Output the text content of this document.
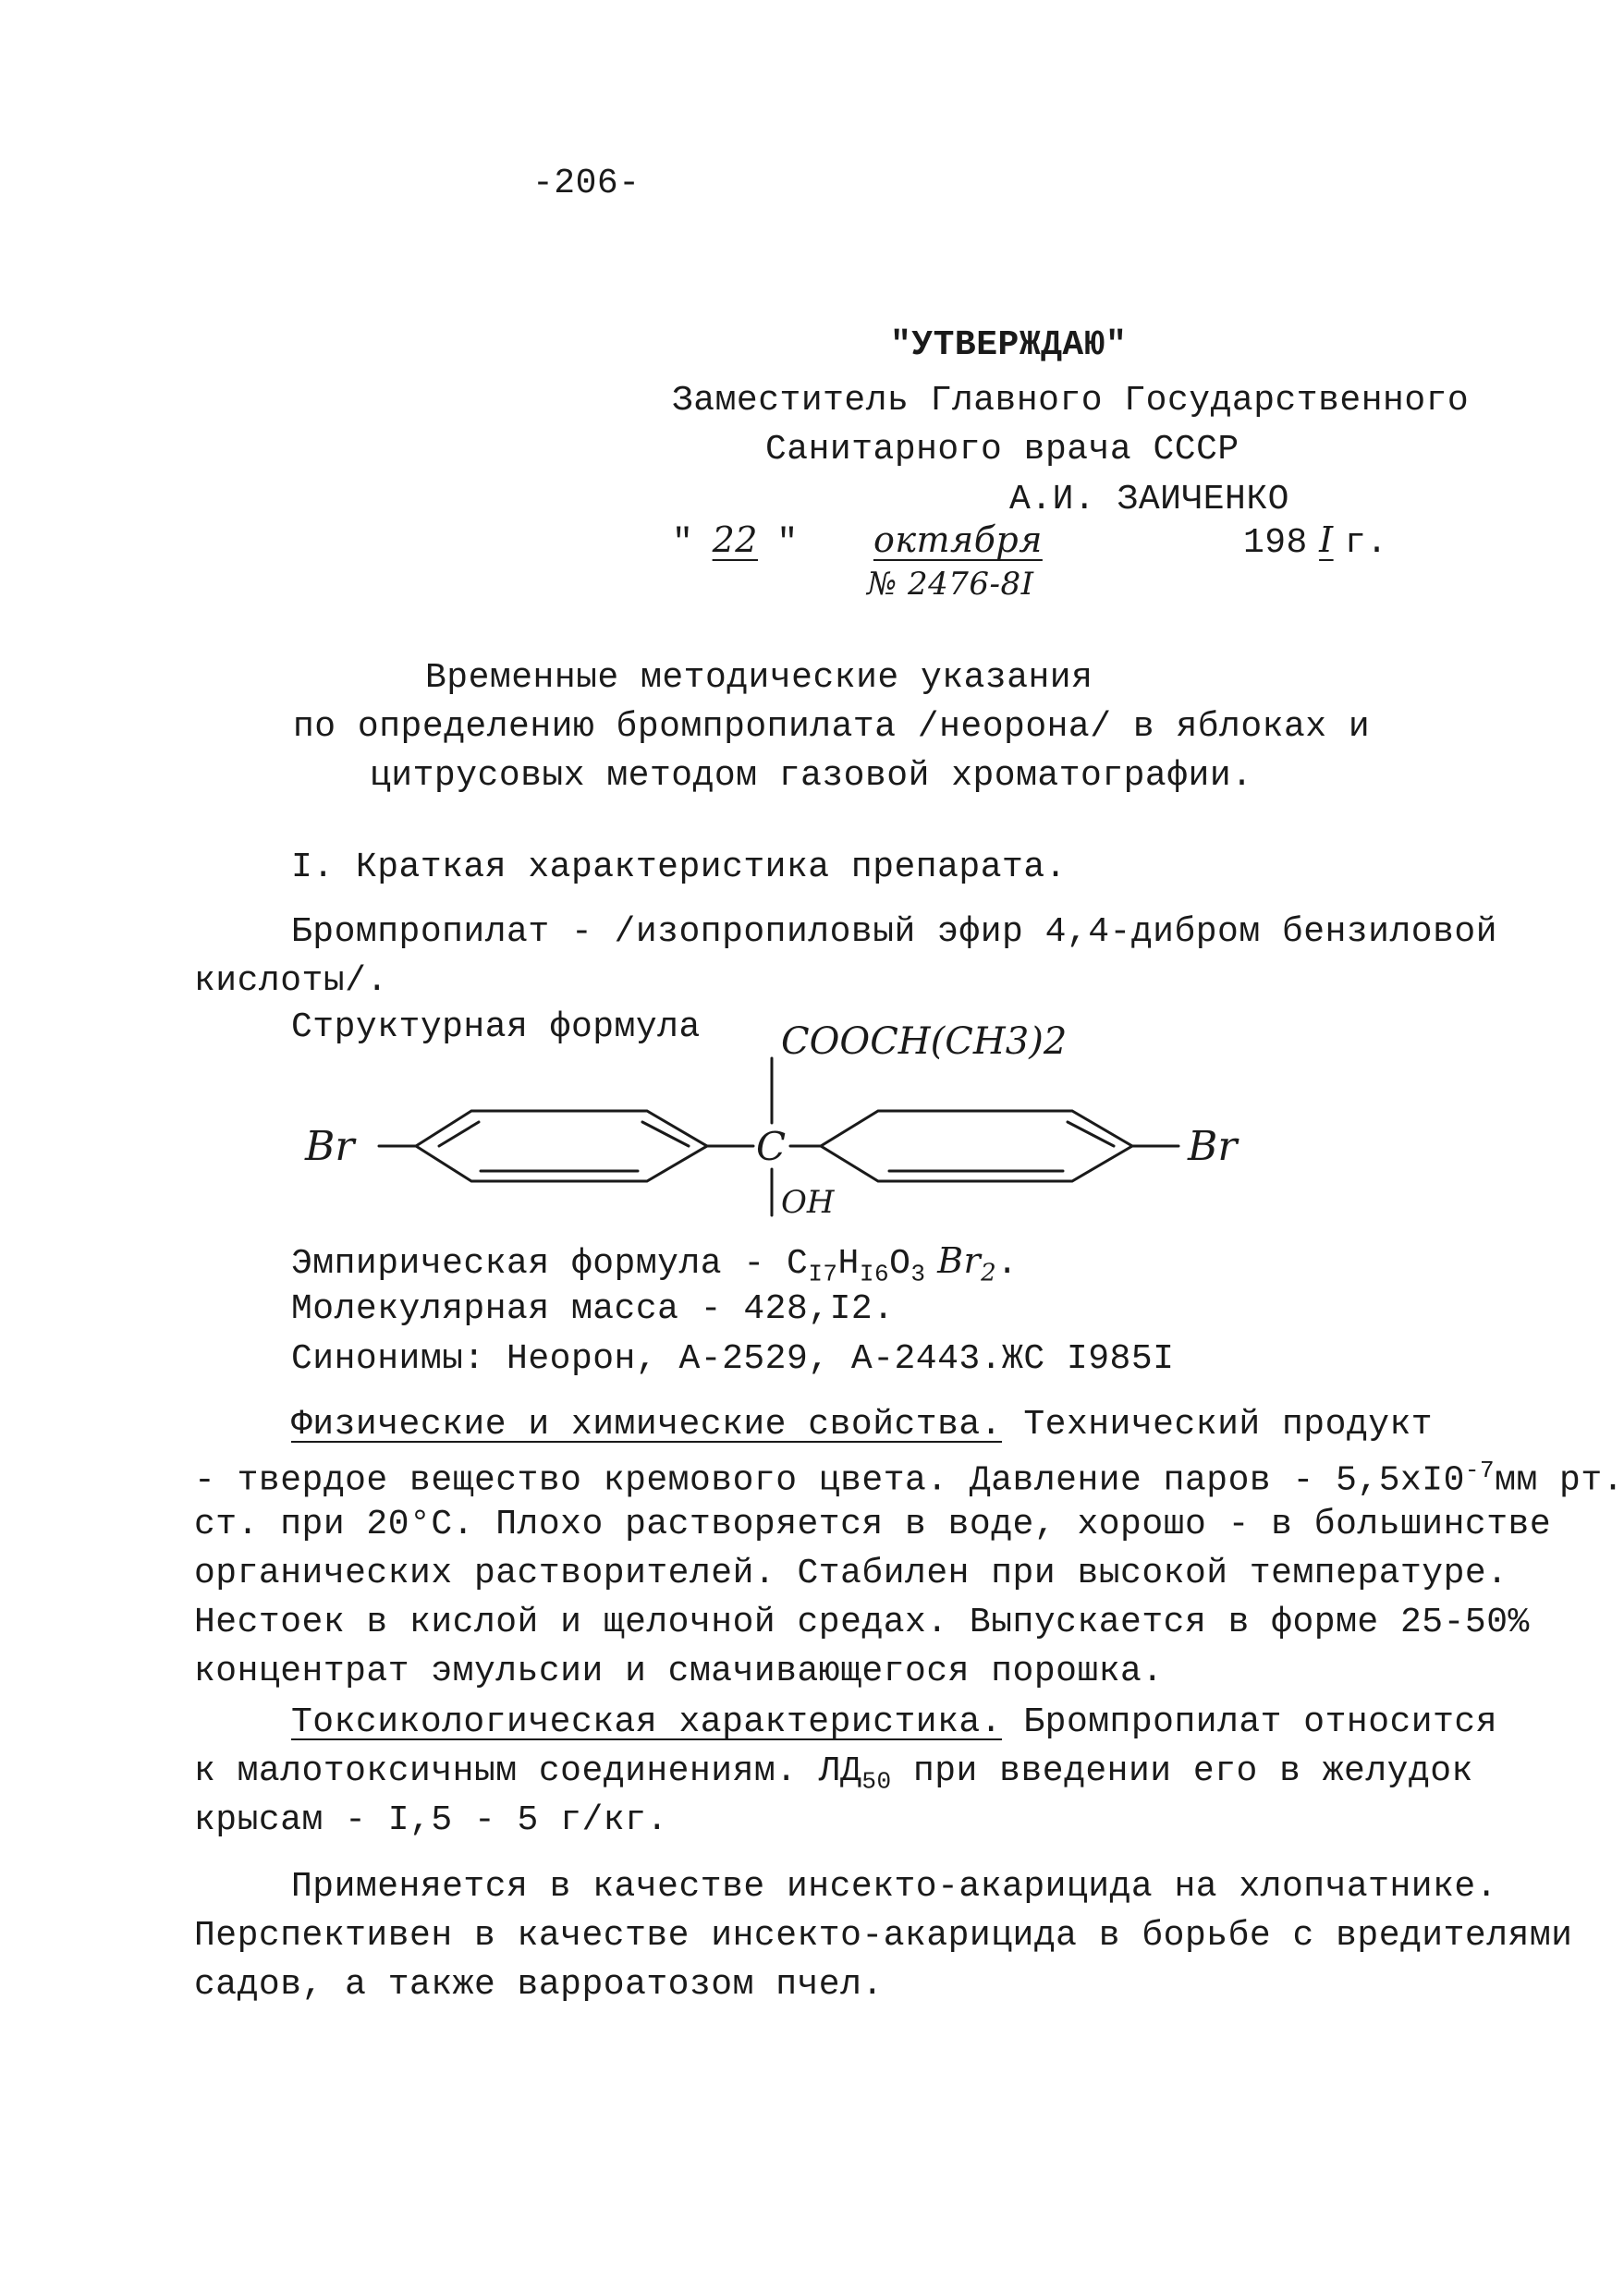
-206-
"УТВЕРЖДАЮ"
Заместитель Главного Государственного
Санитарного врача СССР
А.И. ЗАИЧЕНКО
" 22 " октября	198 I г.
№ 2476-8I
Временные методические указания
по определению бромпропилата /неорона/ в яблоках и
цитрусовых методом газовой хроматографии.
I. Краткая характеристика препарата.
Бромпропилат - /изопропиловый эфир 4,4-дибром бензиловой
кислоты/.
Структурная формула COOCH(CH3)2
Br	C	Br
OH
Эмпирическая формула - $C_{I7}H_{I6}O_3$ $Br_2$.
Молекулярная масса - 428,I2.
Синонимы: Неорон, А-2529, А-2443.ЖС I985I
Физические и химические свойства. Технический продукт
- твердое вещество кремового цвета. Давление паров - $5,5xI0^{-7}мм$ рт.
ст. при 20°С. Плохо растворяется в воде, хорошо - в большинстве
органических растворителей. Стабилен при высокой температуре.
Нестоек в кислой и щелочной средах. Выпускается в форме 25-50%
концентрат эмульсии и смачивающегося порошка.
Токсикологическая характеристика. Бромпропилат относится
к малотоксичным соединениям. $ЛД_{50}$ при введении его в желудок
крысам - I,5 - 5 г/кг.
Применяется в качестве инсекто-акарицида на хлопчатнике.
Перспективен в качестве инсекто-акарицида в борьбе с вредителями
садов, а также варроатозом пчел.
